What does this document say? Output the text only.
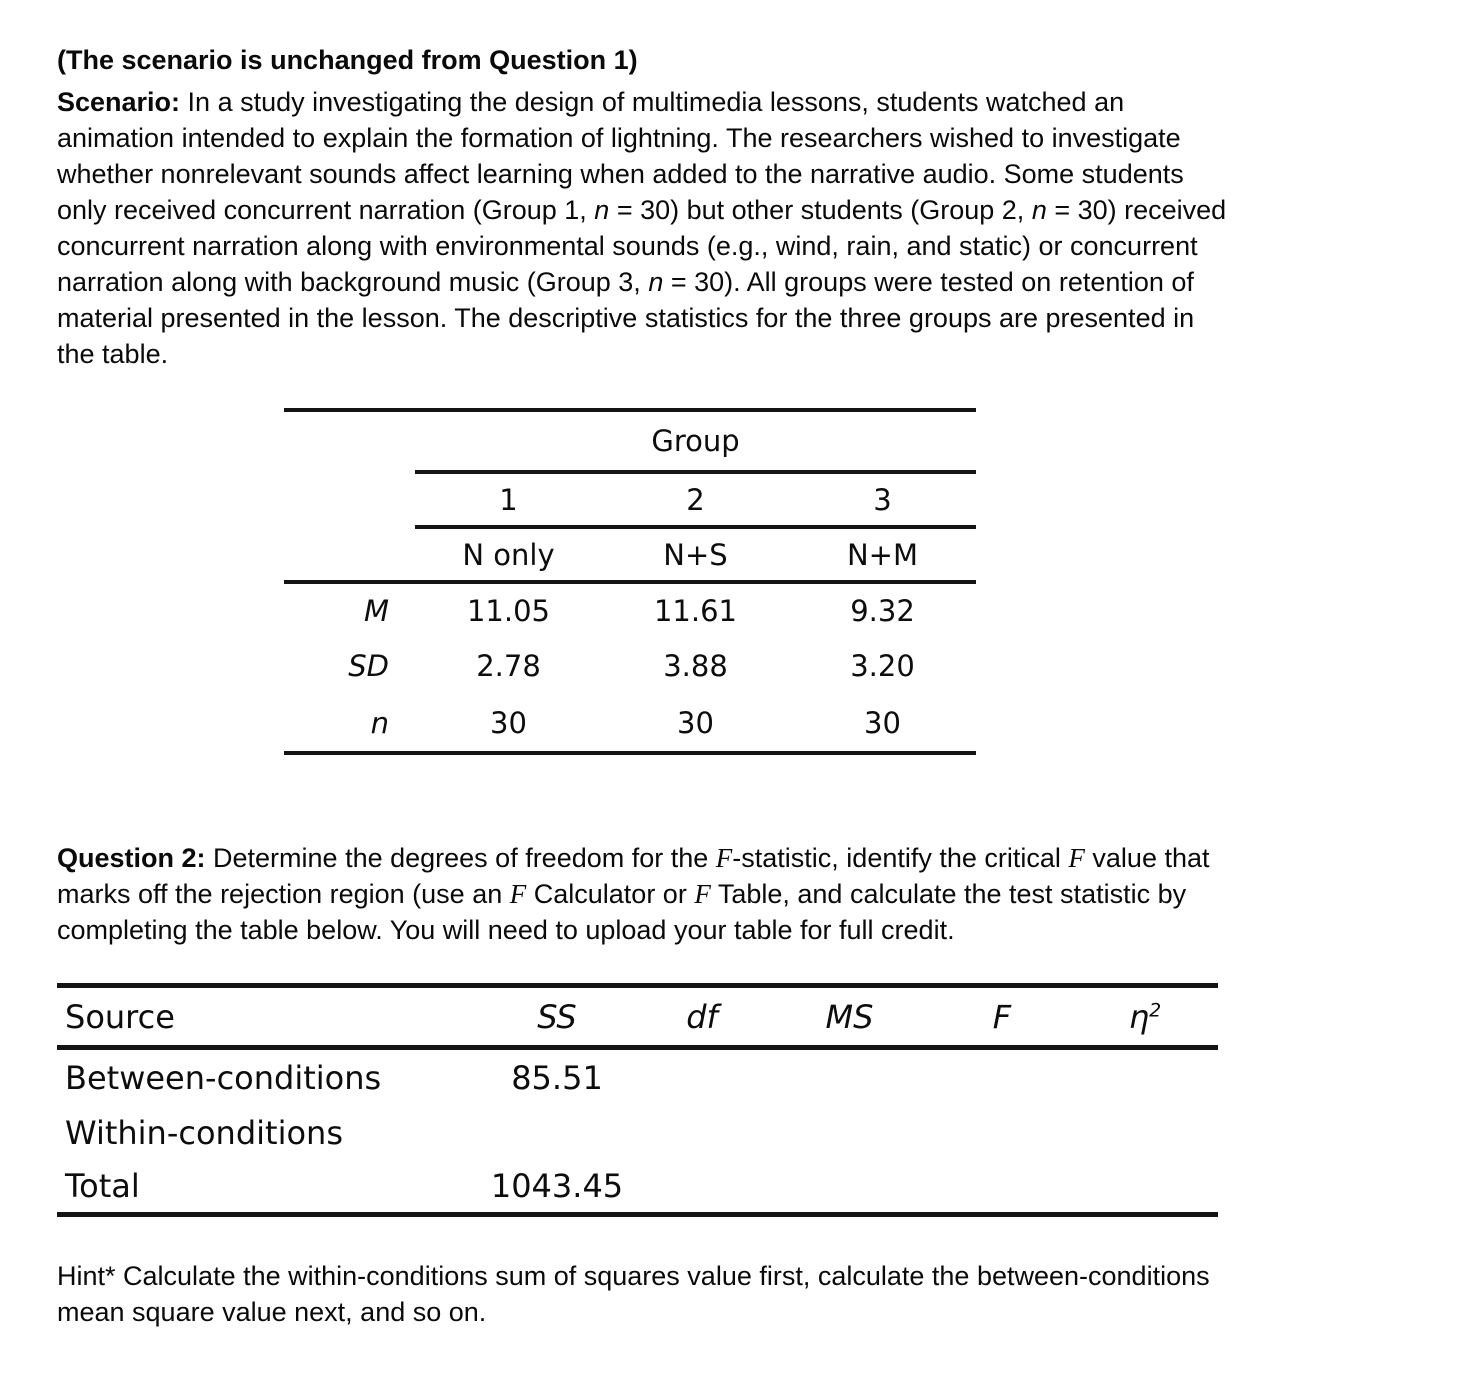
(The scenario is unchanged from Question 1)
Scenario: In a study investigating the design of multimedia lessons, students watched an
animation intended to explain the formation of lightning. The researchers wished to investigate
whether nonrelevant sounds affect learning when added to the narrative audio. Some students
only received concurrent narration (Group 1, n = 30) but other students (Group 2, n = 30) received
concurrent narration along with environmental sounds (e.g., wind, rain, and static) or concurrent
narration along with background music (Group 3, n = 30). All groups were tested on retention of
material presented in the lesson. The descriptive statistics for the three groups are presented in
the table.
Group
1	2	3
N only	N+S	N+M
M	11.05	11.61	9.32
SD	2.78	3.88	3.20
n	30	30	30
Question 2: Determine the degrees of freedom for the F-statistic, identify the critical F value that
marks off the rejection region (use an F Calculator or F Table, and calculate the test statistic by
completing the table below. You will need to upload your table for full credit.
Source	SS	df	MS	F	$\eta^2$
Between-conditions	85.51
Within-conditions
Total	1043.45
Hint* Calculate the within-conditions sum of squares value first, calculate the between-conditions
mean square value next, and so on.
